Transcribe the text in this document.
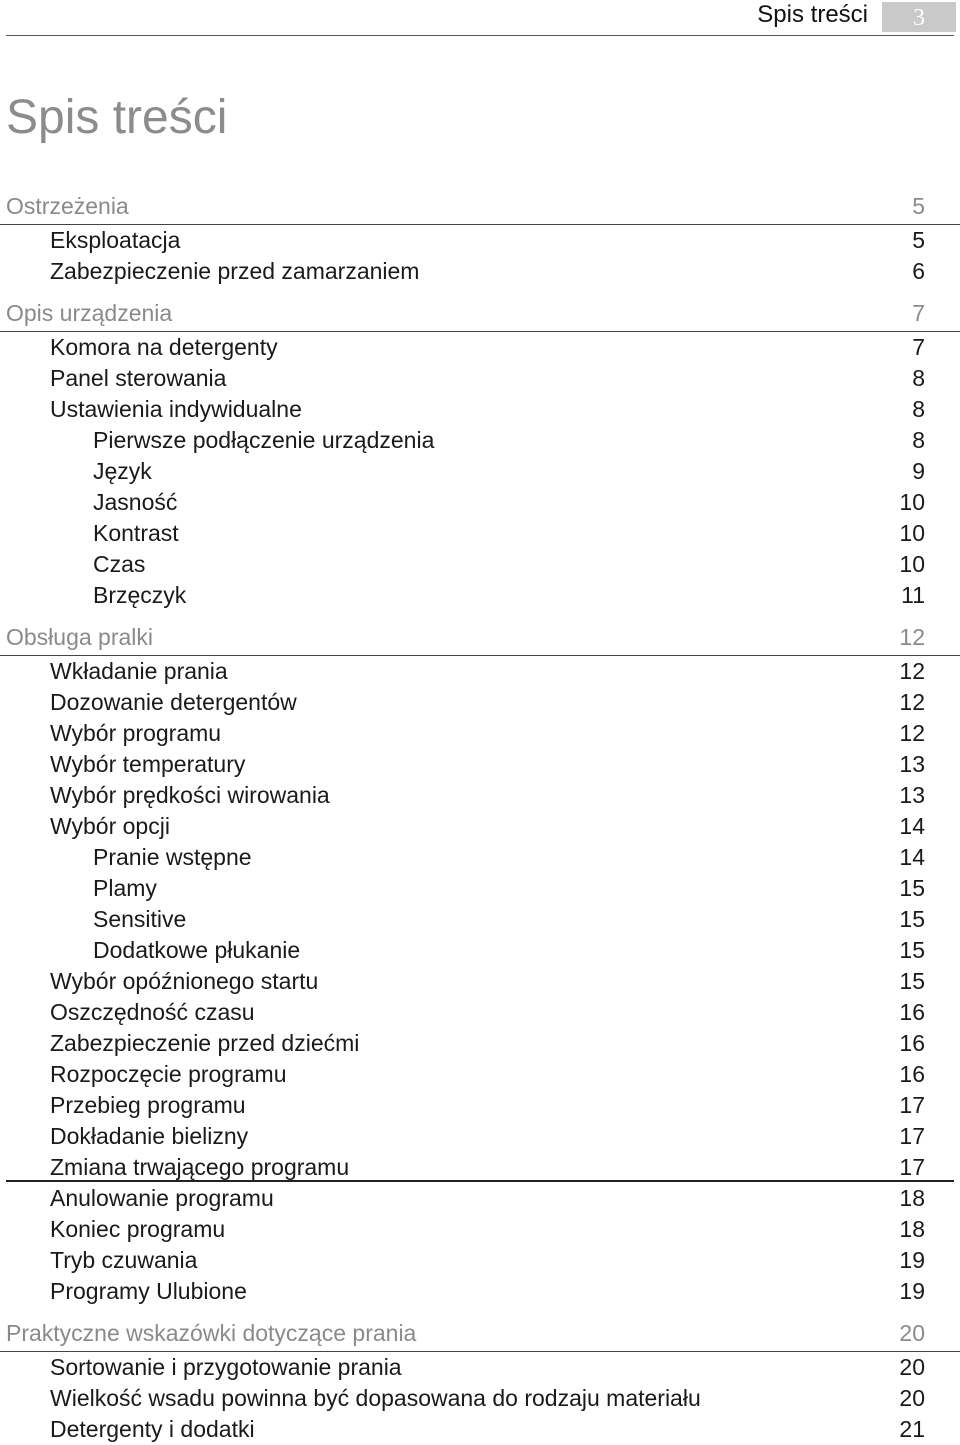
Spis treści	3
Spis treści
Ostrzeżenia	5
Eksploatacja	5
Zabezpieczenie przed zamarzaniem	6
Opis urządzenia	7
Komora na detergenty	7
Panel sterowania	8
Ustawienia indywidualne	8
Pierwsze podłączenie urządzenia	8
Język	9
Jasność	10
Kontrast	10
Czas	10
Brzęczyk	11
Obsługa pralki	12
Wkładanie prania	12
Dozowanie detergentów	12
Wybór programu	12
Wybór temperatury	13
Wybór prędkości wirowania	13
Wybór opcji	14
Pranie wstępne	14
Plamy	15
Sensitive	15
Dodatkowe płukanie	15
Wybór opóźnionego startu	15
Oszczędność czasu	16
Zabezpieczenie przed dziećmi	16
Rozpoczęcie programu	16
Przebieg programu	17
Dokładanie bielizny	17
Zmiana trwającego programu	17
Anulowanie programu	18
Koniec programu	18
Tryb czuwania	19
Programy Ulubione	19
Praktyczne wskazówki dotyczące prania	20
Sortowanie i przygotowanie prania	20
Wielkość wsadu powinna być dopasowana do rodzaju materiału	20
Detergenty i dodatki	21
